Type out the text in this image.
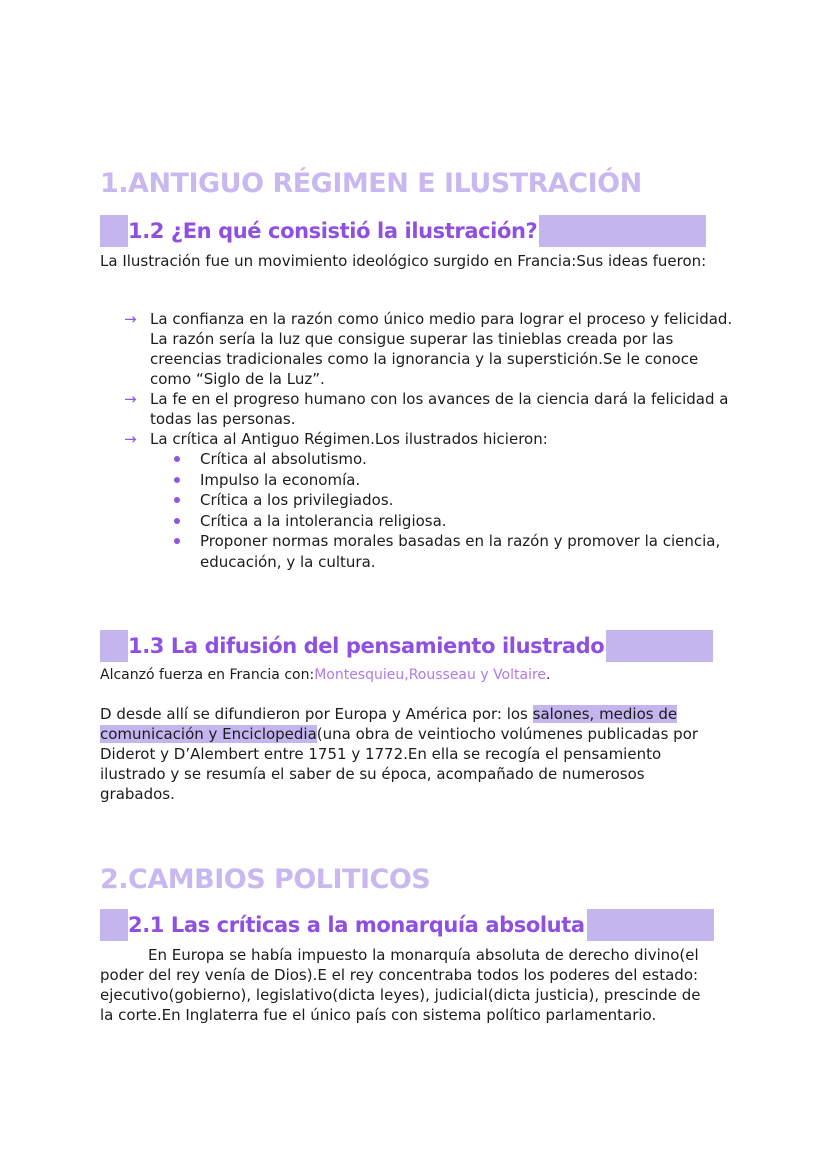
1.ANTIGUO RÉGIMEN E ILUSTRACIÓN
1.2 ¿En qué consistió la ilustración?

La Ilustración fue un movimiento ideológico surgido en Francia:Sus ideas fueron:

→ La confianza en la razón como único medio para lograr el proceso y felicidad. La razón sería la luz que consigue superar las tinieblas creada por las creencias tradicionales como la ignorancia y la superstición.Se le conoce como “Siglo de la Luz”.
→ La fe en el progreso humano con los avances de la ciencia dará la felicidad a todas las personas.
→ La crítica al Antiguo Régimen.Los ilustrados hicieron:
Crítica al absolutismo.
Impulso la economía.
Crítica a los privilegiados.
Crítica a la intolerancia religiosa.
Proponer normas morales basadas en la razón y promover la ciencia, educación, y la cultura.
1.3 La difusión del pensamiento ilustrado

Alcanzó fuerza en Francia con:Montesquieu,Rousseau y Voltaire.

D desde allí se difundieron por Europa y América por: los salones, medios de comunicación y Enciclopedia(una obra de veintiocho volúmenes publicadas por Diderot y D’Alembert entre 1751 y 1772.En ella se recogía el pensamiento ilustrado y se resumía el saber de su época, acompañado de numerosos grabados.

2.CAMBIOS POLITICOS
2.1 Las críticas a la monarquía absoluta

En Europa se había impuesto la monarquía absoluta de derecho divino(el poder del rey venía de Dios).E el rey concentraba todos los poderes del estado: ejecutivo(gobierno), legislativo(dicta leyes), judicial(dicta justicia), prescinde de la corte.En Inglaterra fue el único país con sistema político parlamentario.
